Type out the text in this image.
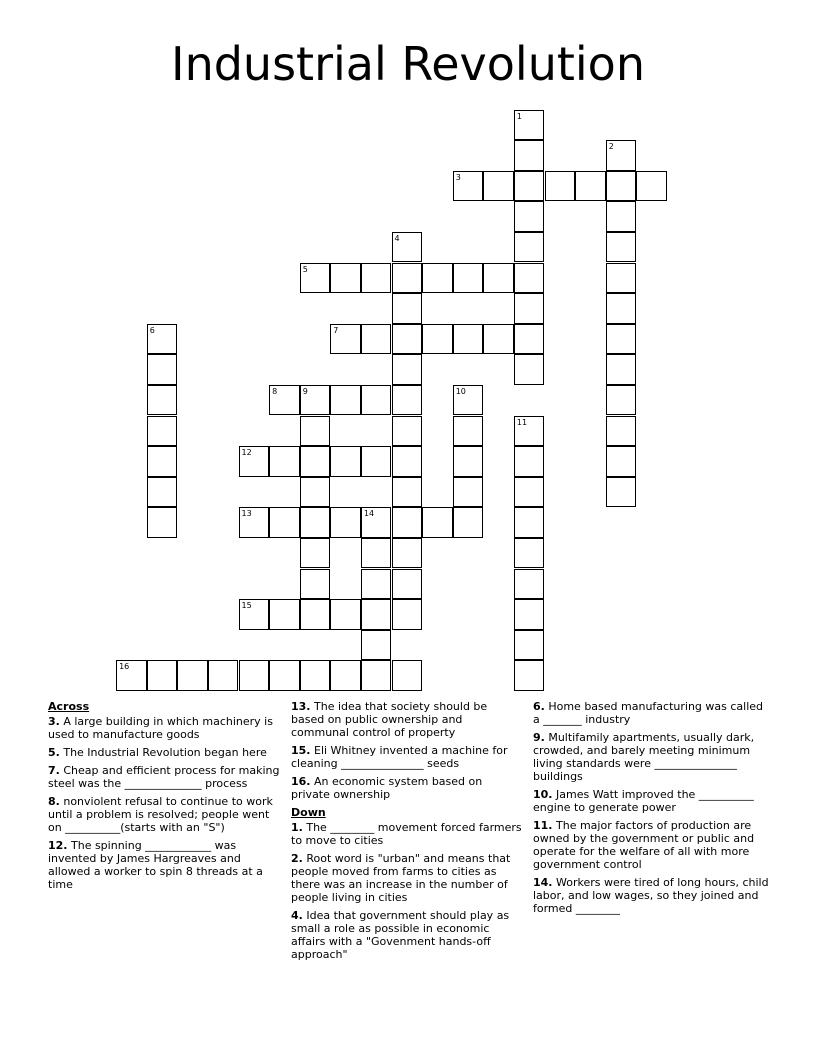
Industrial Revolution
1
2
3
4
5
6	7
8	9	10
11
12
13	14
15
16
Across
3. A large building in which machinery is used to manufacture goods
5. The Industrial Revolution began here
7. Cheap and efficient process for making steel was the ______________ process
8. nonviolent refusal to continue to work until a problem is resolved; people went on __________(starts with an "S")
12. The spinning ____________ was invented by James Hargreaves and allowed a worker to spin 8 threads at a time
13. The idea that society should be based on public ownership and communal control of property
15. Eli Whitney invented a machine for cleaning _______________ seeds
16. An economic system based on private ownership
Down
1. The ________ movement forced farmers to move to cities
2. Root word is "urban" and means that people moved from farms to cities as there was an increase in the number of people living in cities
4. Idea that government should play as small a role as possible in economic affairs with a "Govenment hands-off approach"
6. Home based manufacturing was called a _______ industry
9. Multifamily apartments, usually dark, crowded, and barely meeting minimum living standards were _______________ buildings
10. James Watt improved the __________ engine to generate power
11. The major factors of production are owned by the government or public and operate for the welfare of all with more government control
14. Workers were tired of long hours, child labor, and low wages, so they joined and formed ________
